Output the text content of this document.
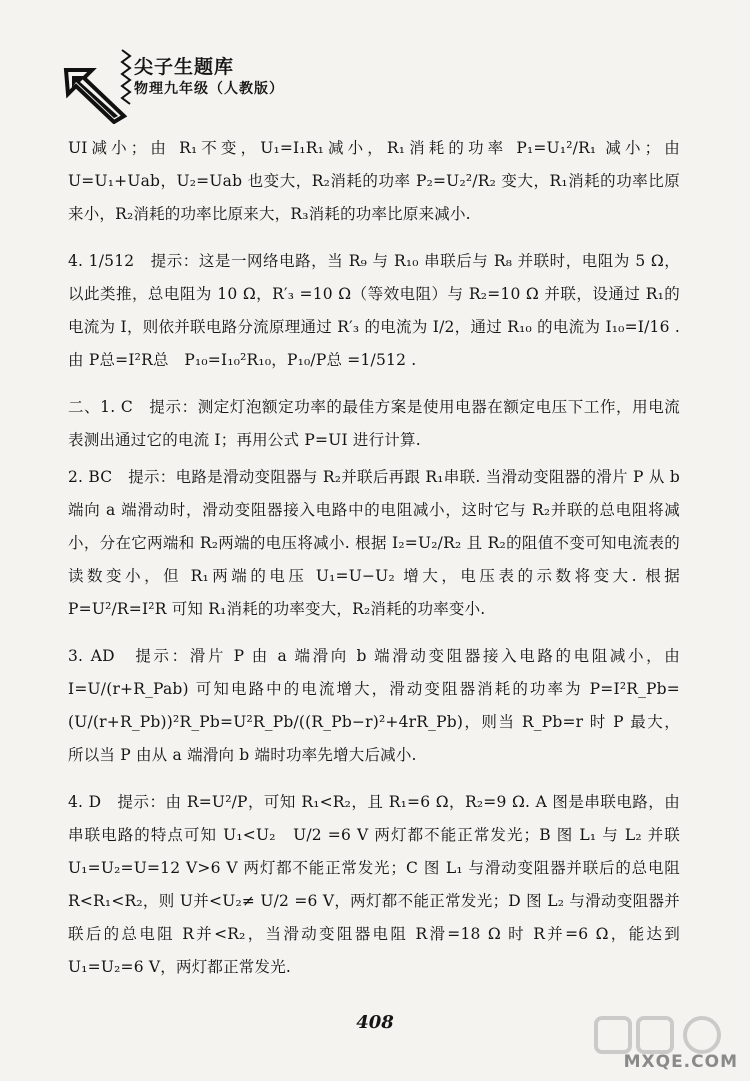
尖子生题库
物理九年级（人教版）

UI减小；由 R₁不变，U₁=I₁R₁减小，R₁消耗的功率 P₁=U₁²/R₁ 减小；由 U=U₁+Uab，U₂=Uab 也变大，R₂消耗的功率 P₂=U₂²/R₂ 变大，R₁消耗的功率比原来小，R₂消耗的功率比原来大，R₃消耗的功率比原来减小.

4. 1/512　提示：这是一网络电路，当 R₉ 与 R₁₀ 串联后与 R₈ 并联时，电阻为 5 Ω，以此类推，总电阻为 10 Ω，R′₃ =10 Ω（等效电阻）与 R₂=10 Ω 并联，设通过 R₁的电流为 I，则依并联电路分流原理通过 R′₃ 的电流为 I/2，通过 R₁₀ 的电流为 I₁₀=I/16 . 由 P总=I²R总　P₁₀=I₁₀²R₁₀，P₁₀/P总 =1/512 .

二、1. C　提示：测定灯泡额定功率的最佳方案是使用电器在额定电压下工作，用电流表测出通过它的电流 I；再用公式 P=UI 进行计算.

2. BC　提示：电路是滑动变阻器与 R₂并联后再跟 R₁串联. 当滑动变阻器的滑片 P 从 b 端向 a 端滑动时，滑动变阻器接入电路中的电阻减小，这时它与 R₂并联的总电阻将减小，分在它两端和 R₂两端的电压将减小. 根据 I₂=U₂/R₂ 且 R₂的阻值不变可知电流表的读数变小，但 R₁两端的电压 U₁=U−U₂ 增大，电压表的示数将变大. 根据 P=U²/R=I²R 可知 R₁消耗的功率变大，R₂消耗的功率变小.

3. AD　提示：滑片 P 由 a 端滑向 b 端滑动变阻器接入电路的电阻减小，由 I=U/(r+R_Pab) 可知电路中的电流增大，滑动变阻器消耗的功率为 P=I²R_Pb=(U/(r+R_Pb))²R_Pb=U²R_Pb/((R_Pb−r)²+4rR_Pb)，则当 R_Pb=r 时 P 最大，所以当 P 由从 a 端滑向 b 端时功率先增大后减小.

4. D　提示：由 R=U²/P，可知 R₁<R₂，且 R₁=6 Ω，R₂=9 Ω. A 图是串联电路，由串联电路的特点可知 U₁<U₂　U/2 =6 V 两灯都不能正常发光；B 图 L₁ 与 L₂ 并联 U₁=U₂=U=12 V>6 V 两灯都不能正常发光；C 图 L₁ 与滑动变阻器并联后的总电阻 R<R₁<R₂，则 U并<U₂≠ U/2 =6 V，两灯都不能正常发光；D 图 L₂ 与滑动变阻器并联后的总电阻 R并<R₂，当滑动变阻器电阻 R滑=18 Ω 时 R并=6 Ω，能达到 U₁=U₂=6 V，两灯都正常发光.

408
MXQE.COM
